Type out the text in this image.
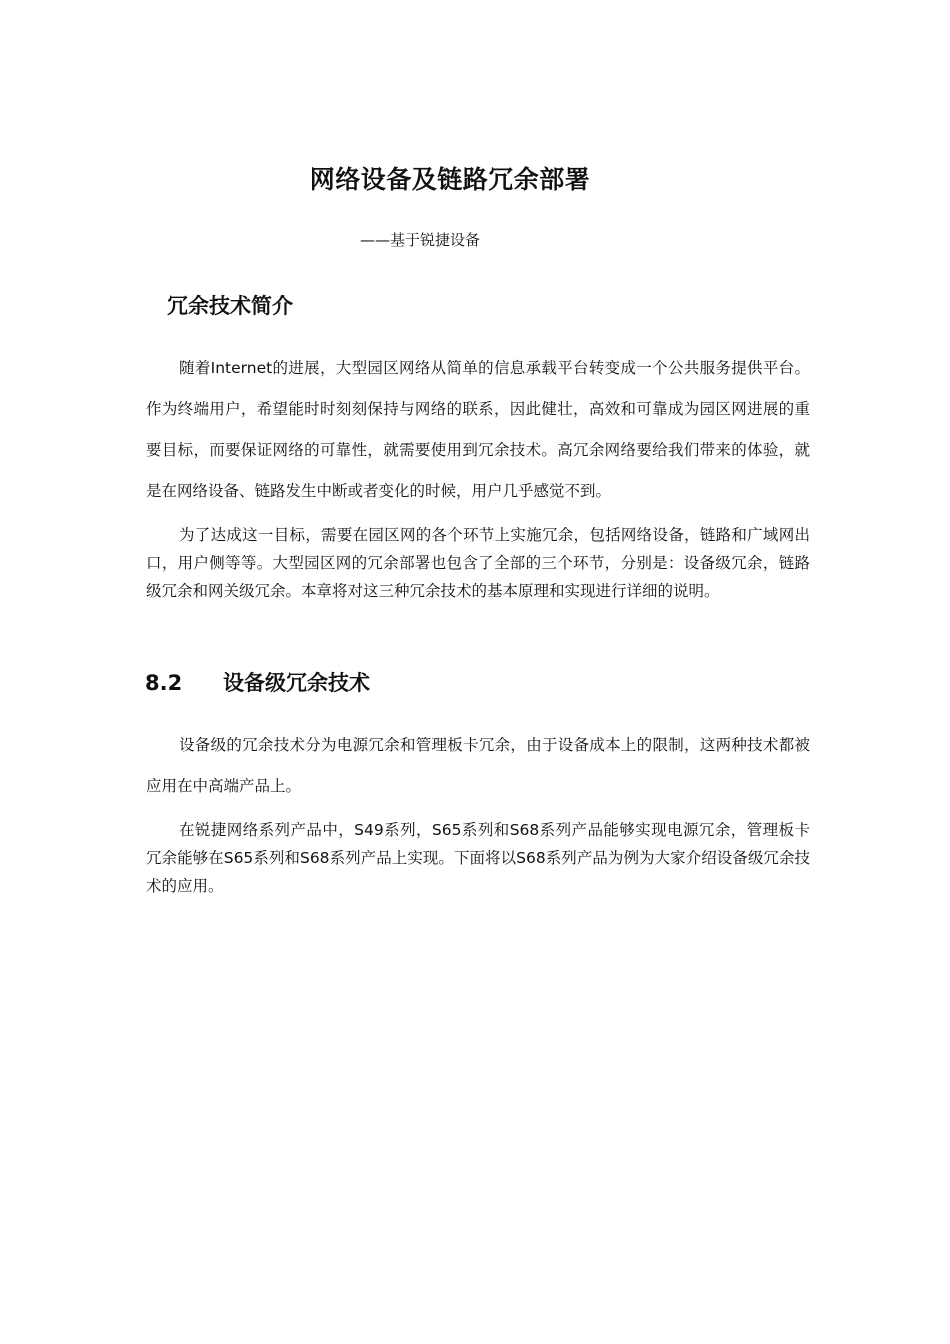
网络设备及链路冗余部署
——基于锐捷设备
冗余技术简介

随着Internet的进展，大型园区网络从简单的信息承载平台转变成一个公共服务提供平台。作为终端用户，希望能时时刻刻保持与网络的联系，因此健壮，高效和可靠成为园区网进展的重要目标，而要保证网络的可靠性，就需要使用到冗余技术。高冗余网络要给我们带来的体验，就是在网络设备、链路发生中断或者变化的时候，用户几乎感觉不到。

为了达成这一目标，需要在园区网的各个环节上实施冗余，包括网络设备，链路和广域网出口，用户侧等等。大型园区网的冗余部署也包含了全部的三个环节，分别是：设备级冗余，链路级冗余和网关级冗余。本章将对这三种冗余技术的基本原理和实现进行详细的说明。

8.2 设备级冗余技术

设备级的冗余技术分为电源冗余和管理板卡冗余，由于设备成本上的限制，这两种技术都被应用在中高端产品上。

在锐捷网络系列产品中，S49系列，S65系列和S68系列产品能够实现电源冗余，管理板卡冗余能够在S65系列和S68系列产品上实现。下面将以S68系列产品为例为大家介绍设备级冗余技术的应用。
